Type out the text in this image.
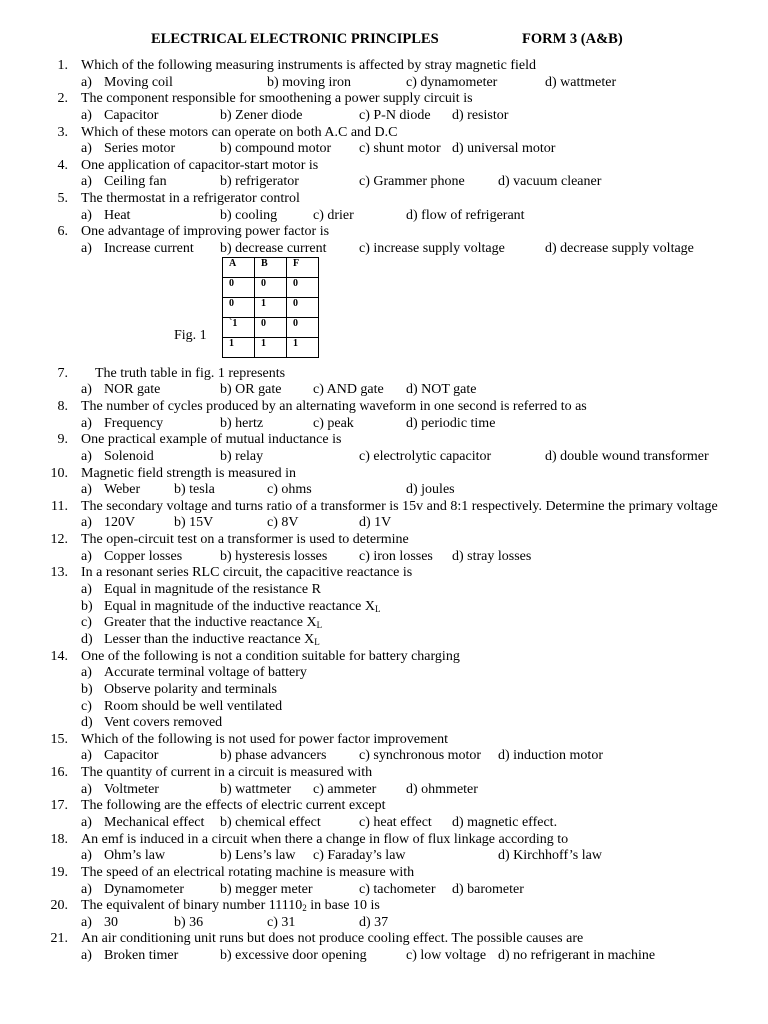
ELECTRICAL ELECTRONIC PRINCIPLES	FORM 3 (A&B)
1. Which of the following measuring instruments is affected by stray magnetic field
a) Moving coil	b) moving iron	c) dynamometer	d) wattmeter
2. The component responsible for smoothening a power supply circuit is
a) Capacitor	b) Zener diode	c) P-N diode d) resistor
3. Which of these motors can operate on both A.C and D.C
a) Series motor	b) compound motor c) shunt motor d) universal motor
4. One application of capacitor-start motor is
a) Ceiling fan	b) refrigerator	c) Grammer phone d) vacuum cleaner
5. The thermostat in a refrigerator control
a) Heat	b) cooling	c) drier	d) flow of refrigerant
6. One advantage of improving power factor is
a) Increase current b) decrease current c) increase supply voltage	d) decrease supply voltage
Fig. 1
A	B	F
0	0	0
0	1	0
`1	0	0
1	1	1
7. The truth table in fig. 1 represents
a) NOR gate	b) OR gate c) AND gate d) NOT gate
8. The number of cycles produced by an alternating waveform in one second is referred to as
a) Frequency	b) hertz	c) peak	d) periodic time
9. One practical example of mutual inductance is
a) Solenoid	b) relay	c) electrolytic capacitor	d) double wound transformer
10. Magnetic field strength is measured in
a) Weber b) tesla	c) ohms	d) joules
11. The secondary voltage and turns ratio of a transformer is 15v and 8:1 respectively. Determine the primary voltage
a) 120V	b) 15V	c) 8V	d) 1V
12. The open-circuit test on a transformer is used to determine
a) Copper losses	b) hysteresis losses c) iron losses d) stray losses
13. In a resonant series RLC circuit, the capacitive reactance is
a) Equal in magnitude of the resistance R
b) Equal in magnitude of the inductive reactance $X_L$
c) Greater that the inductive reactance $X_L$
d) Lesser than the inductive reactance $X_L$
14. One of the following is not a condition suitable for battery charging
a) Accurate terminal voltage of battery
b) Observe polarity and terminals
c) Room should be well ventilated
d) Vent covers removed
15. Which of the following is not used for power factor improvement
a) Capacitor	b) phase advancers c) synchronous motor d) induction motor
16. The quantity of current in a circuit is measured with
a) Voltmeter	b) wattmeter c) ammeter d) ohmmeter
17. The following are the effects of electric current except
a) Mechanical effect b) chemical effect	c) heat effect d) magnetic effect.
18. An emf is induced in a circuit when there a change in flow of flux linkage according to
a) Ohm’s law	b) Lens’s law c) Faraday’s law	d) Kirchhoff’s law
19. The speed of an electrical rotating machine is measure with
a) Dynamometer	b) megger meter	c) tachometer d) barometer
20. The equivalent of binary number $11110_2$ in base 10 is
a) 30	b) 36	c) 31	d) 37
21. An air conditioning unit runs but does not produce cooling effect. The possible causes are
a) Broken timer	b) excessive door opening	c) low voltage d) no refrigerant in machine
